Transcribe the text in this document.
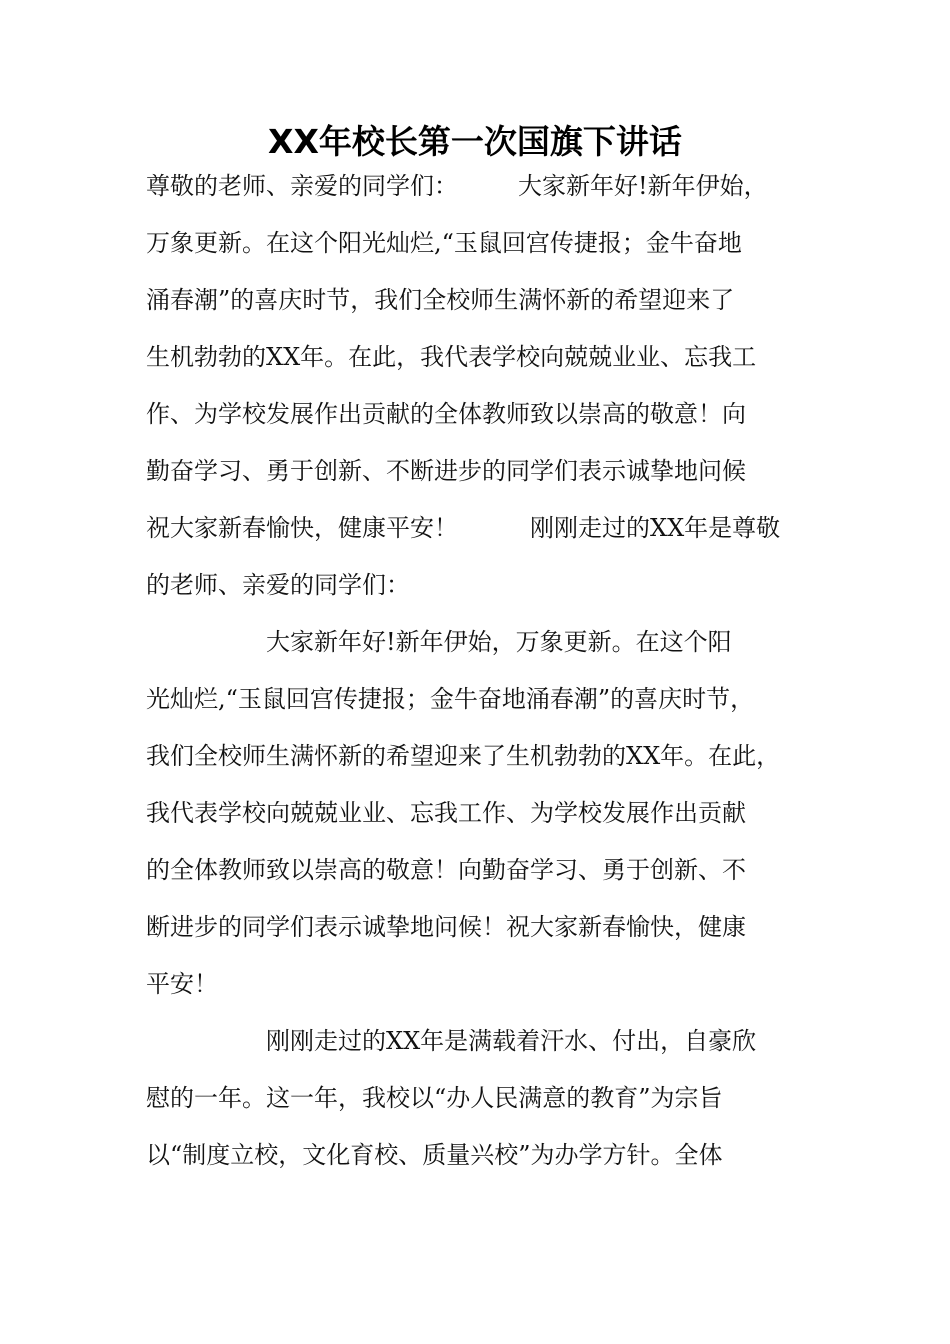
XX年校长第一次国旗下讲话

尊敬的老师、亲爱的同学们：　　　大家新年好!新年伊始，

万象更新。在这个阳光灿烂,“玉鼠回宫传捷报；金牛奋地

涌春潮”的喜庆时节，我们全校师生满怀新的希望迎来了

生机勃勃的XX年。在此，我代表学校向兢兢业业、忘我工

作、为学校发展作出贡献的全体教师致以崇高的敬意！向

勤奋学习、勇于创新、不断进步的同学们表示诚挚地问候

祝大家新春愉快，健康平安！　　　刚刚走过的XX年是尊敬

的老师、亲爱的同学们：

　　　　　大家新年好!新年伊始，万象更新。在这个阳

光灿烂,“玉鼠回宫传捷报；金牛奋地涌春潮”的喜庆时节，

我们全校师生满怀新的希望迎来了生机勃勃的XX年。在此，

我代表学校向兢兢业业、忘我工作、为学校发展作出贡献

的全体教师致以崇高的敬意！向勤奋学习、勇于创新、不

断进步的同学们表示诚挚地问候！祝大家新春愉快，健康

平安！

　　　　　刚刚走过的XX年是满载着汗水、付出，自豪欣

慰的一年。这一年，我校以“办人民满意的教育”为宗旨

以“制度立校，文化育校、质量兴校”为办学方针。全体
